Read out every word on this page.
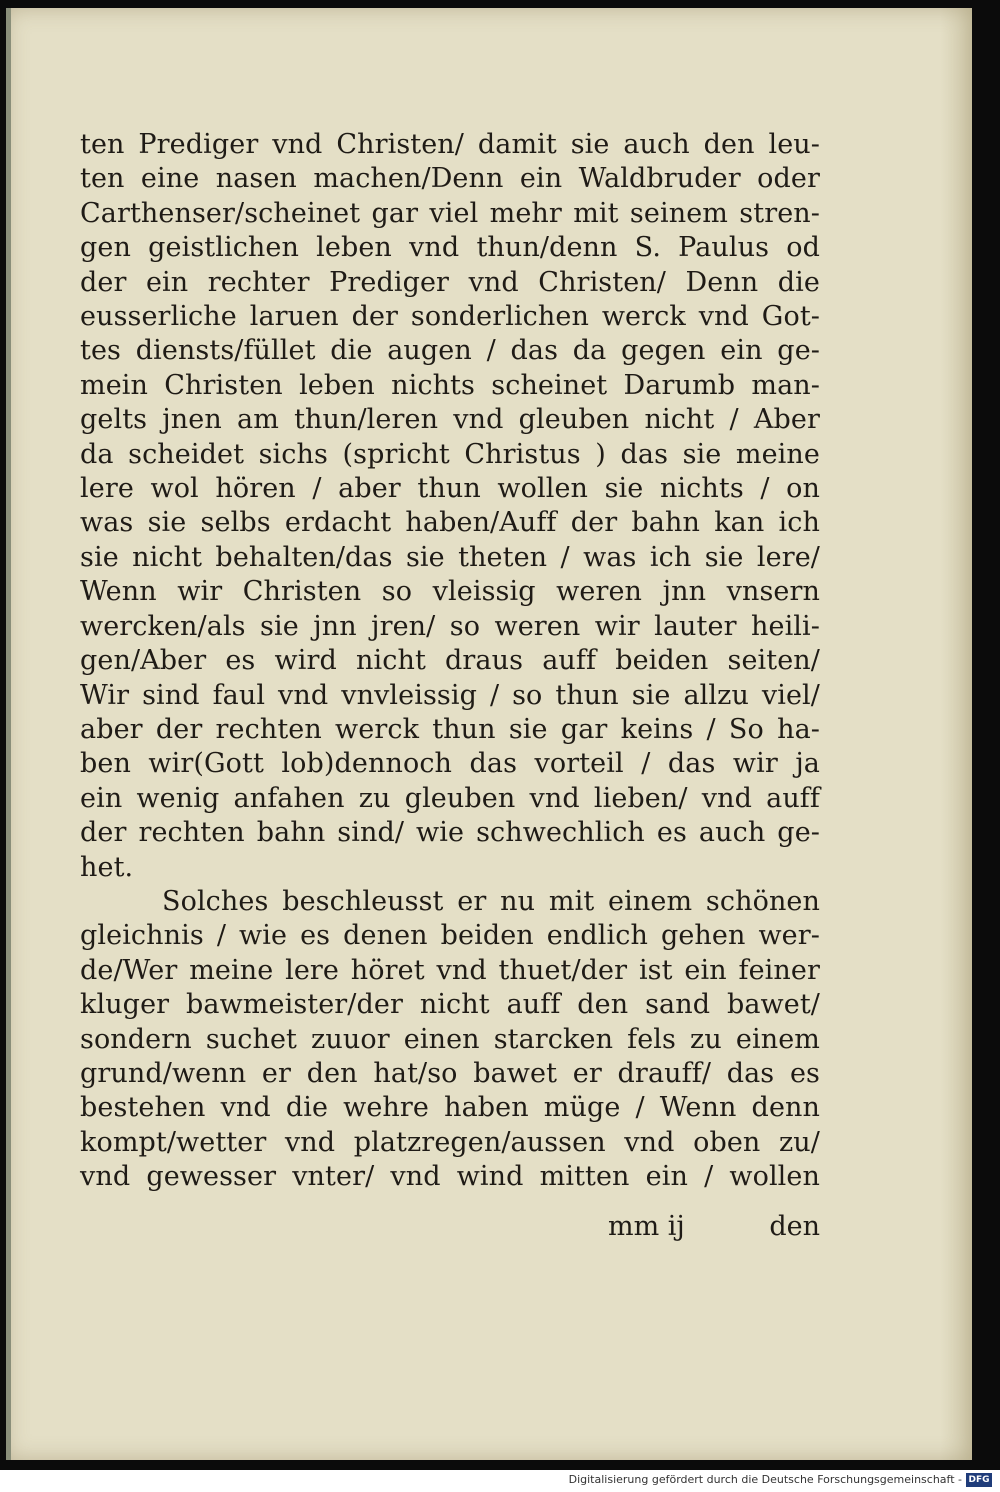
ten Prediger vnd Christen/ damit sie auch den leu-
ten eine nasen machen/Denn ein Waldbruder oder
Carthenser/scheinet gar viel mehr mit seinem stren-
gen geistlichen leben vnd thun/denn S. Paulus od
der ein rechter Prediger vnd Christen/ Denn die
eusserliche laruen der sonderlichen werck vnd Got-
tes diensts/füllet die augen / das da gegen ein ge-
mein Christen leben nichts scheinet Darumb man-
gelts jnen am thun/leren vnd gleuben nicht / Aber
da scheidet sichs (spricht Christus ) das sie meine
lere wol hören / aber thun wollen sie nichts / on
was sie selbs erdacht haben/Auff der bahn kan ich
sie nicht behalten/das sie theten / was ich sie lere/
Wenn wir Christen so vleissig weren jnn vnsern
wercken/als sie jnn jren/ so weren wir lauter heili-
gen/Aber es wird nicht draus auff beiden seiten/
Wir sind faul vnd vnvleissig / so thun sie allzu viel/
aber der rechten werck thun sie gar keins / So ha-
ben wir(Gott lob)dennoch das vorteil / das wir ja
ein wenig anfahen zu gleuben vnd lieben/ vnd auff
der rechten bahn sind/ wie schwechlich es auch ge-
het.
Solches beschleusst er nu mit einem schönen
gleichnis / wie es denen beiden endlich gehen wer-
de/Wer meine lere höret vnd thuet/der ist ein feiner
kluger bawmeister/der nicht auff den sand bawet/
sondern suchet zuuor einen starcken fels zu einem
grund/wenn er den hat/so bawet er drauff/ das es
bestehen vnd die wehre haben müge / Wenn denn
kompt/wetter vnd platzregen/aussen vnd oben zu/
vnd gewesser vnter/ vnd wind mitten ein / wollen
mm ij	den
Digitalisierung gefördert durch die Deutsche Forschungsgemeinschaft - DFG
